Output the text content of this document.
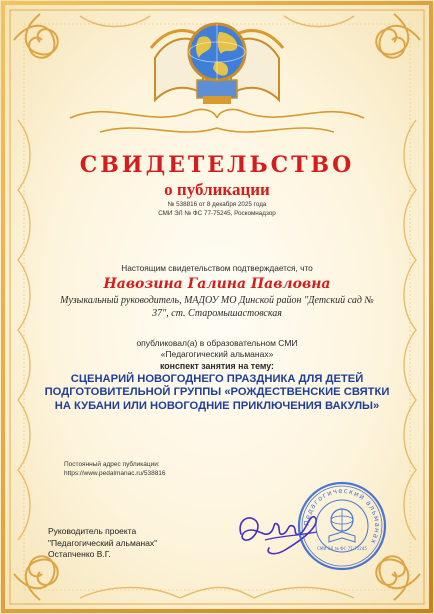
СВИДЕТЕЛЬСТВО
о публикации
№ 538816 от 8 декабря 2025 года
СМИ ЭЛ № ФС 77-75245, Роскомнадзор
Настоящим свидетельством подтверждается, что
Навозина Галина Павловна
Музыкальный руководитель, МАДОУ МО Динской район "Детский сад № 37", ст. Старомышастовская
опубликовал(а) в образовательном СМИ
«Педагогический альманах»
конспект занятия на тему:
СЦЕНАРИЙ НОВОГОДНЕГО ПРАЗДНИКА ДЛЯ ДЕТЕЙ ПОДГОТОВИТЕЛЬНОЙ ГРУППЫ «РОЖДЕСТВЕНСКИЕ СВЯТКИ НА КУБАНИ ИЛИ НОВОГОДНИЕ ПРИКЛЮЧЕНИЯ ВАКУЛЫ»
Постоянный адрес публикации:
https://www.pedalmanac.ru/538816
Руководитель проекта
"Педагогический альманах"
Остапченко В.Г.
Педагогический альманах
СМИ ЭЛ № ФС 77-75245
